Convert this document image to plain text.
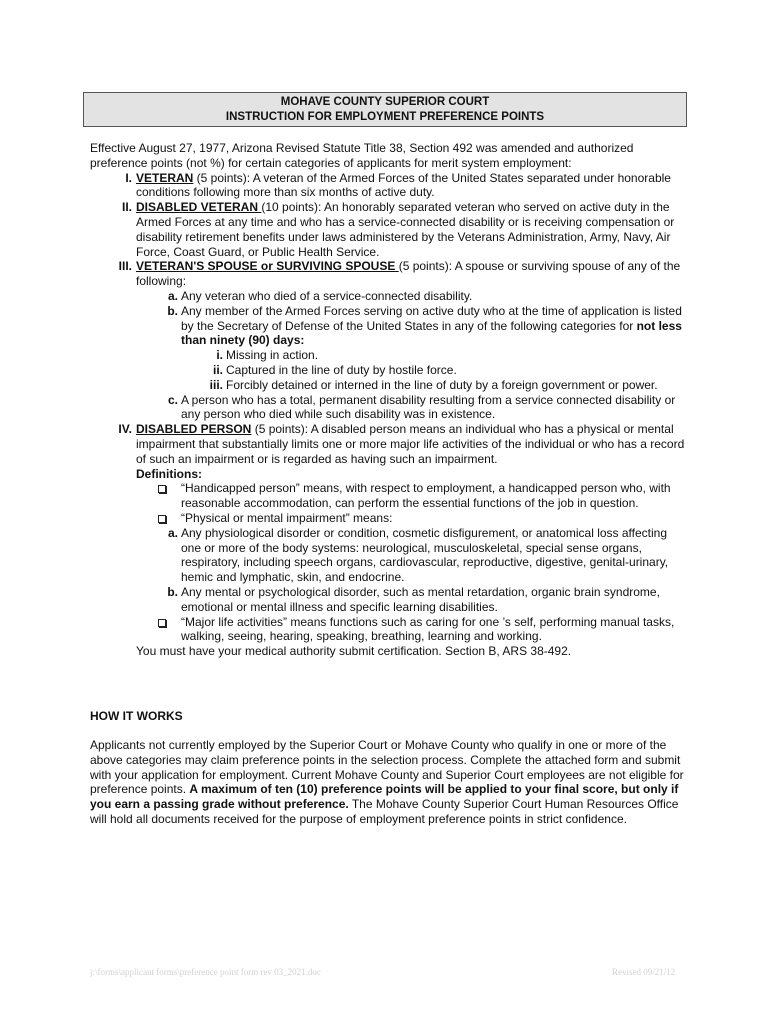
MOHAVE COUNTY SUPERIOR COURT
INSTRUCTION FOR EMPLOYMENT PREFERENCE POINTS

Effective August 27, 1977, Arizona Revised Statute Title 38, Section 492 was amended and authorized preference points (not %) for certain categories of applicants for merit system employment:

I. VETERAN (5 points): A veteran of the Armed Forces of the United States separated under honorable conditions following more than six months of active duty.
II. DISABLED VETERAN (10 points): An honorably separated veteran who served on active duty in the Armed Forces at any time and who has a service-connected disability or is receiving compensation or disability retirement benefits under laws administered by the Veterans Administration, Army, Navy, Air Force, Coast Guard, or Public Health Service.
III. VETERAN'S SPOUSE or SURVIVING SPOUSE (5 points): A spouse or surviving spouse of any of the following:
a. Any veteran who died of a service-connected disability.
b. Any member of the Armed Forces serving on active duty who at the time of application is listed by the Secretary of Defense of the United States in any of the following categories for not less than ninety (90) days:
i. Missing in action.
ii. Captured in the line of duty by hostile force.
iii. Forcibly detained or interned in the line of duty by a foreign government or power.
c. A person who has a total, permanent disability resulting from a service connected disability or any person who died while such disability was in existence.
IV. DISABLED PERSON (5 points): A disabled person means an individual who has a physical or mental impairment that substantially limits one or more major life activities of the individual or who has a record of such an impairment or is regarded as having such an impairment.
Definitions:
“Handicapped person” means, with respect to employment, a handicapped person who, with reasonable accommodation, can perform the essential functions of the job in question.
“Physical or mental impairment” means:
a. Any physiological disorder or condition, cosmetic disfigurement, or anatomical loss affecting one or more of the body systems: neurological, musculoskeletal, special sense organs, respiratory, including speech organs, cardiovascular, reproductive, digestive, genital-urinary, hemic and lymphatic, skin, and endocrine.
b. Any mental or psychological disorder, such as mental retardation, organic brain syndrome, emotional or mental illness and specific learning disabilities.
“Major life activities” means functions such as caring for one ’s self, performing manual tasks, walking, seeing, hearing, speaking, breathing, learning and working.
You must have your medical authority submit certification. Section B, ARS 38-492.
HOW IT WORKS

Applicants not currently employed by the Superior Court or Mohave County who qualify in one or more of the above categories may claim preference points in the selection process. Complete the attached form and submit with your application for employment. Current Mohave County and Superior Court employees are not eligible for preference points. A maximum of ten (10) preference points will be applied to your final score, but only if you earn a passing grade without preference. The Mohave County Superior Court Human Resources Office will hold all documents received for the purpose of employment preference points in strict confidence.

j:\forms\applicant forms\preference point form rev 03_2021.doc	Revised 09/21/12
